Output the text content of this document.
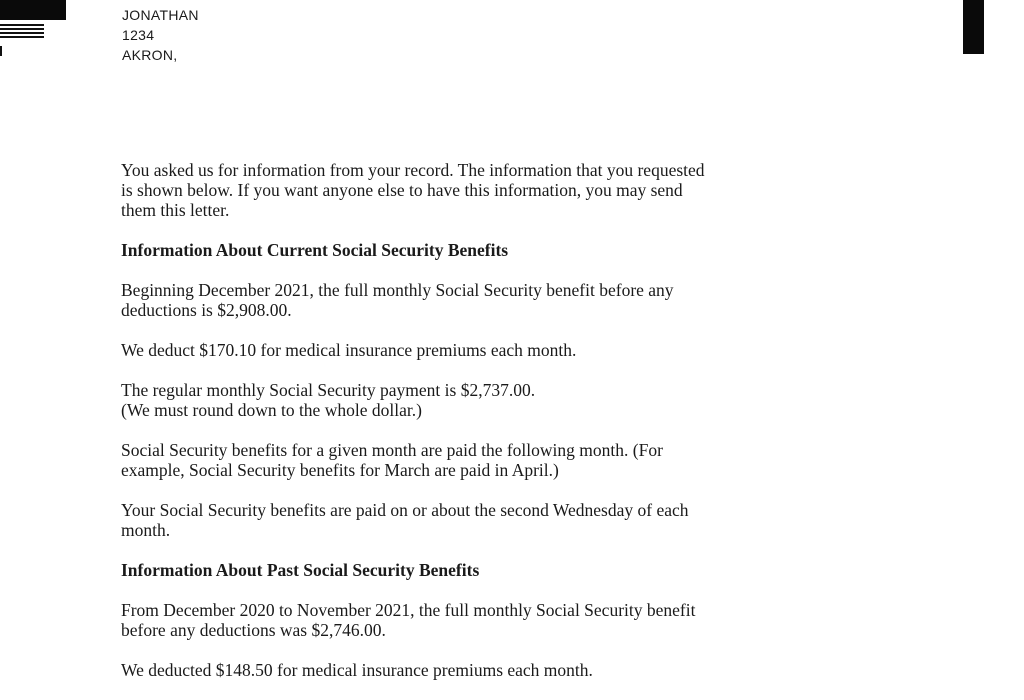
JONATHAN
1234
AKRON,

You asked us for information from your record. The information that you requested
is shown below. If you want anyone else to have this information, you may send
them this letter.

Information About Current Social Security Benefits

Beginning December 2021, the full monthly Social Security benefit before any
deductions is $2,908.00.

We deduct $170.10 for medical insurance premiums each month.

The regular monthly Social Security payment is $2,737.00.
(We must round down to the whole dollar.)

Social Security benefits for a given month are paid the following month. (For
example, Social Security benefits for March are paid in April.)

Your Social Security benefits are paid on or about the second Wednesday of each
month.

Information About Past Social Security Benefits

From December 2020 to November 2021, the full monthly Social Security benefit
before any deductions was $2,746.00.

We deducted $148.50 for medical insurance premiums each month.
